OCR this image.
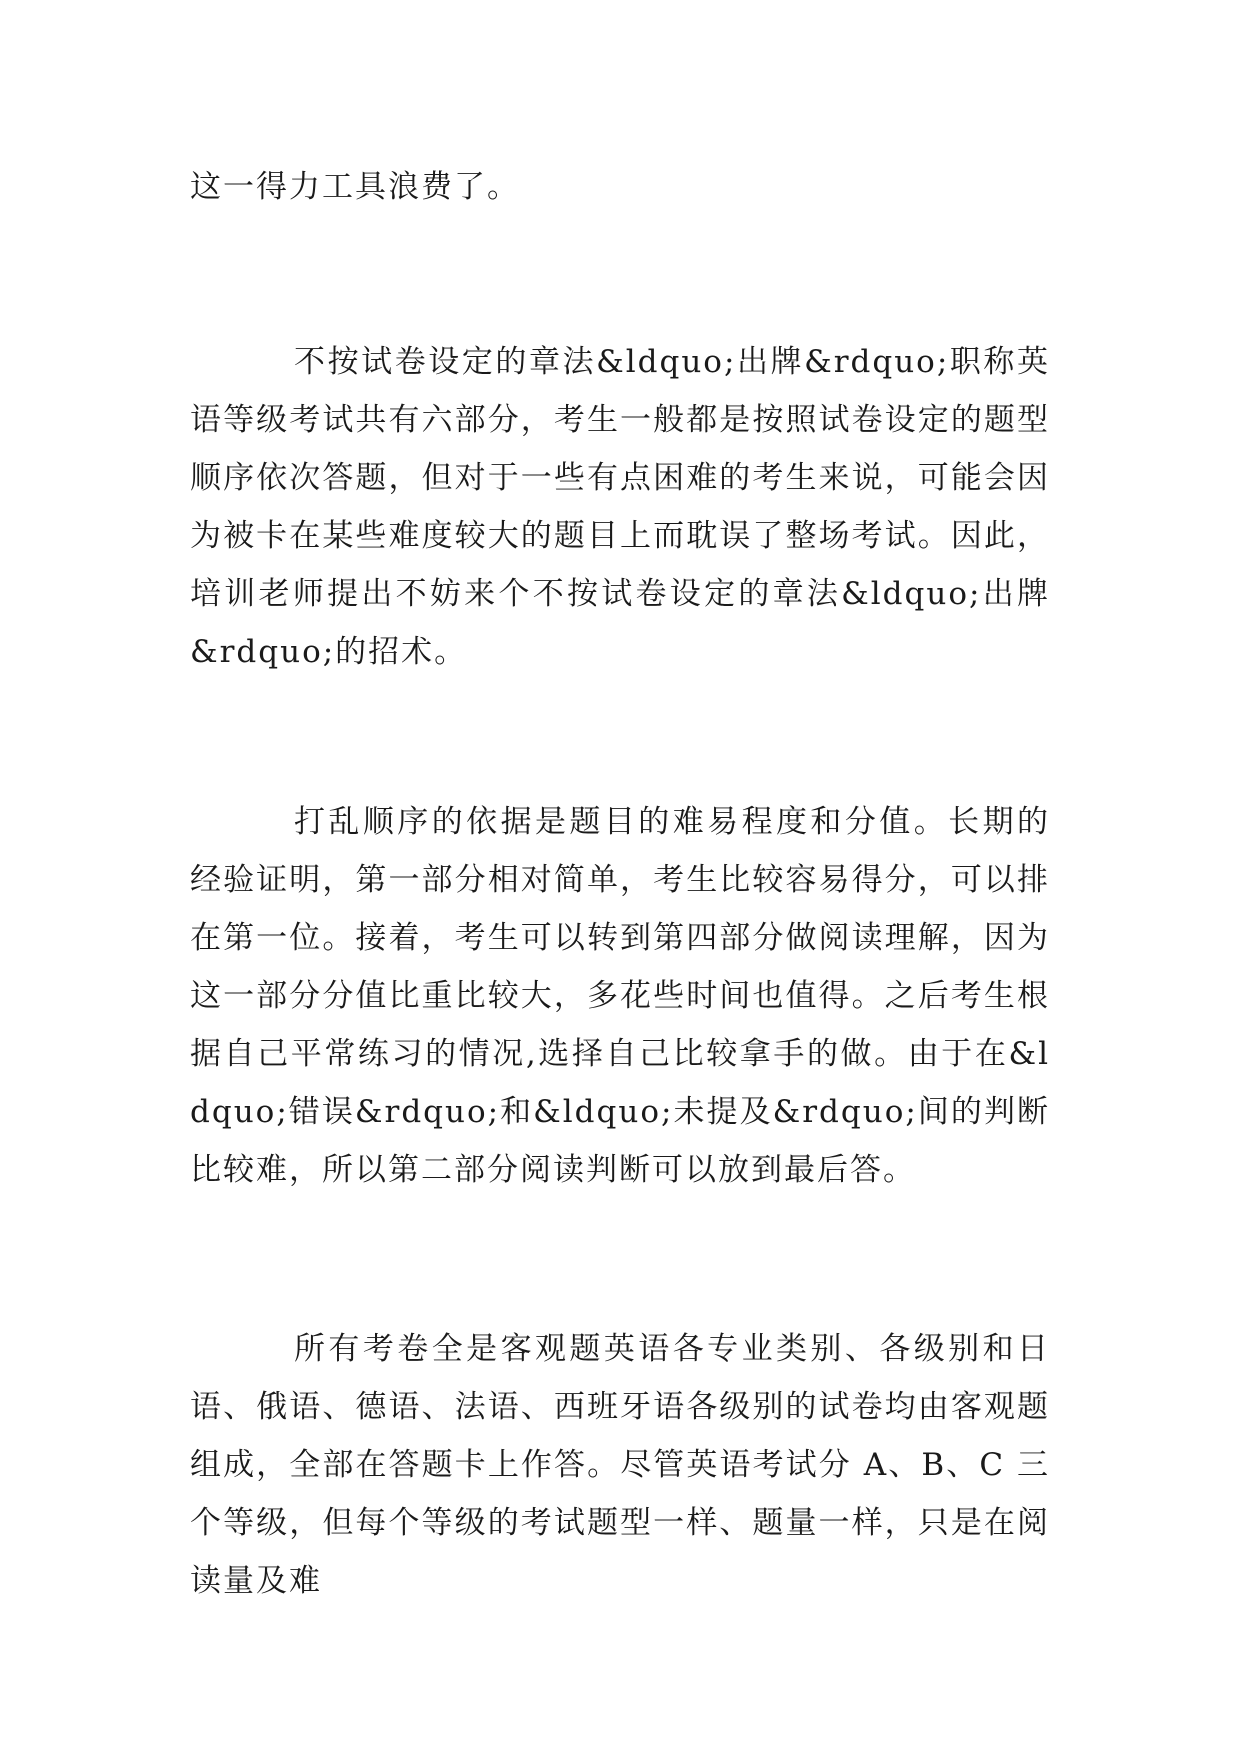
这一得力工具浪费了。

不按试卷设定的章法&ldquo;出牌&rdquo;职称英语等级考试共有六部分，考生一般都是按照试卷设定的题型顺序依次答题，但对于一些有点困难的考生来说，可能会因为被卡在某些难度较大的题目上而耽误了整场考试。因此，培训老师提出不妨来个不按试卷设定的章法&ldquo;出牌&rdquo;的招术。

打乱顺序的依据是题目的难易程度和分值。长期的经验证明，第一部分相对简单，考生比较容易得分，可以排在第一位。接着，考生可以转到第四部分做阅读理解，因为这一部分分值比重比较大，多花些时间也值得。之后考生根据自己平常练习的情况,选择自己比较拿手的做。由于在&ldquo;错误&rdquo;和&ldquo;未提及&rdquo;间的判断比较难，所以第二部分阅读判断可以放到最后答。

所有考卷全是客观题英语各专业类别、各级别和日语、俄语、德语、法语、西班牙语各级别的试卷均由客观题组成，全部在答题卡上作答。尽管英语考试分 A、B、C 三个等级，但每个等级的考试题型一样、题量一样，只是在阅读量及难
